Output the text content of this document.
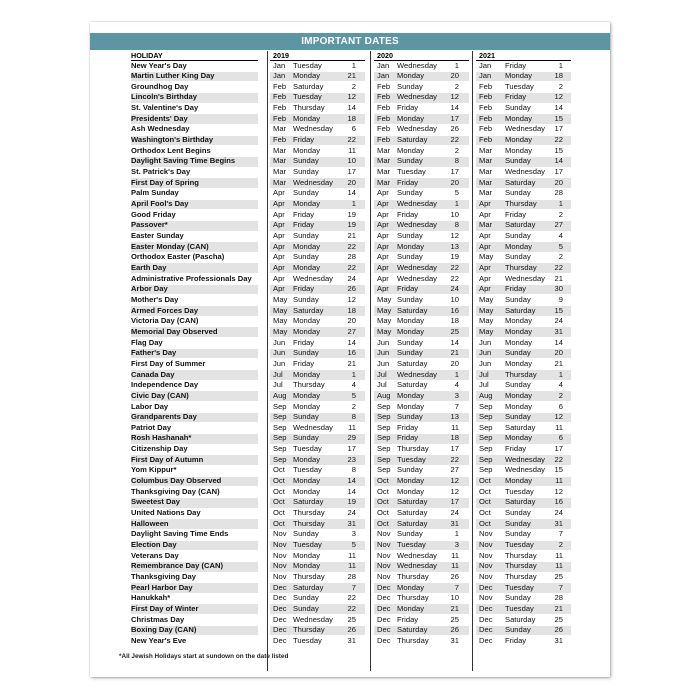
IMPORTANT DATES
HOLIDAY	2019	2020	2021
New Year's Day	Jan Tuesday	1	Jan Wednesday	1	Jan Friday	1
Martin Luther King Day	Jan Monday	21	Jan Monday	20	Jan Monday	18
Groundhog Day	Feb Saturday	2	Feb Sunday	2	Feb Tuesday	2
Lincoln's Birthday	Feb Tuesday	12	Feb Wednesday	12	Feb Friday	12
St. Valentine's Day	Feb Thursday	14	Feb Friday	14	Feb Sunday	14
Presidents' Day	Feb Monday	18	Feb Monday	17	Feb Monday	15
Ash Wednesday	Mar Wednesday	6	Feb Wednesday	26	Feb Wednesday	17
Washington's Birthday	Feb Friday	22	Feb Saturday	22	Feb Monday	22
Orthodox Lent Begins	Mar Monday	11	Mar Monday	2	Mar Monday	15
Daylight Saving Time Begins	Mar Sunday	10	Mar Sunday	8	Mar Sunday	14
St. Patrick's Day	Mar Sunday	17	Mar Tuesday	17	Mar Wednesday	17
First Day of Spring	Mar Wednesday	20	Mar Friday	20	Mar Saturday	20
Palm Sunday	Apr Sunday	14	Apr Sunday	5	Mar Sunday	28
April Fool's Day	Apr Monday	1	Apr Wednesday	1	Apr Thursday	1
Good Friday	Apr Friday	19	Apr Friday	10	Apr Friday	2
Passover*	Apr Friday	19	Apr Wednesday	8	Mar Saturday	27
Easter Sunday	Apr Sunday	21	Apr Sunday	12	Apr Sunday	4
Easter Monday (CAN)	Apr Monday	22	Apr Monday	13	Apr Monday	5
Orthodox Easter (Pascha)	Apr Sunday	28	Apr Sunday	19	May Sunday	2
Earth Day	Apr Monday	22	Apr Wednesday	22	Apr Thursday	22
Administrative Professionals Day	Apr Wednesday	24	Apr Wednesday	22	Apr Wednesday	21
Arbor Day	Apr Friday	26	Apr Friday	24	Apr Friday	30
Mother's Day	May Sunday	12	May Sunday	10	May Sunday	9
Armed Forces Day	May Saturday	18	May Saturday	16	May Saturday	15
Victoria Day (CAN)	May Monday	20	May Monday	18	May Monday	24
Memorial Day Observed	May Monday	27	May Monday	25	May Monday	31
Flag Day	Jun Friday	14	Jun Sunday	14	Jun Monday	14
Father's Day	Jun Sunday	16	Jun Sunday	21	Jun Sunday	20
First Day of Summer	Jun Friday	21	Jun Saturday	20	Jun Monday	21
Canada Day	Jul Monday	1	Jul Wednesday	1	Jul Thursday	1
Independence Day	Jul Thursday	4	Jul Saturday	4	Jul Sunday	4
Civic Day (CAN)	Aug Monday	5	Aug Monday	3	Aug Monday	2
Labor Day	Sep Monday	2	Sep Monday	7	Sep Monday	6
Grandparents Day	Sep Sunday	8	Sep Sunday	13	Sep Sunday	12
Patriot Day	Sep Wednesday	11	Sep Friday	11	Sep Saturday	11
Rosh Hashanah*	Sep Sunday	29	Sep Friday	18	Sep Monday	6
Citizenship Day	Sep Tuesday	17	Sep Thursday	17	Sep Friday	17
First Day of Autumn	Sep Monday	23	Sep Tuesday	22	Sep Wednesday	22
Yom Kippur*	Oct Tuesday	8	Sep Sunday	27	Sep Wednesday	15
Columbus Day Observed	Oct Monday	14	Oct Monday	12	Oct Monday	11
Thanksgiving Day (CAN)	Oct Monday	14	Oct Monday	12	Oct Tuesday	12
Sweetest Day	Oct Saturday	19	Oct Saturday	17	Oct Saturday	16
United Nations Day	Oct Thursday	24	Oct Saturday	24	Oct Sunday	24
Halloween	Oct Thursday	31	Oct Saturday	31	Oct Sunday	31
Daylight Saving Time Ends	Nov Sunday	3	Nov Sunday	1	Nov Sunday	7
Election Day	Nov Tuesday	5	Nov Tuesday	3	Nov Tuesday	2
Veterans Day	Nov Monday	11	Nov Wednesday	11	Nov Thursday	11
Remembrance Day (CAN)	Nov Monday	11	Nov Wednesday	11	Nov Thursday	11
Thanksgiving Day	Nov Thursday	28	Nov Thursday	26	Nov Thursday	25
Pearl Harbor Day	Dec Saturday	7	Dec Monday	7	Dec Tuesday	7
Hanukkah*	Dec Sunday	22	Dec Thursday	10	Nov Sunday	28
First Day of Winter	Dec Sunday	22	Dec Monday	21	Dec Tuesday	21
Christmas Day	Dec Wednesday	25	Dec Friday	25	Dec Saturday	25
Boxing Day (CAN)	Dec Thursday	26	Dec Saturday	26	Dec Sunday	26
New Year's Eve	Dec Tuesday	31	Dec Thursday	31	Dec Friday	31
*All Jewish Holidays start at sundown on the date listed
